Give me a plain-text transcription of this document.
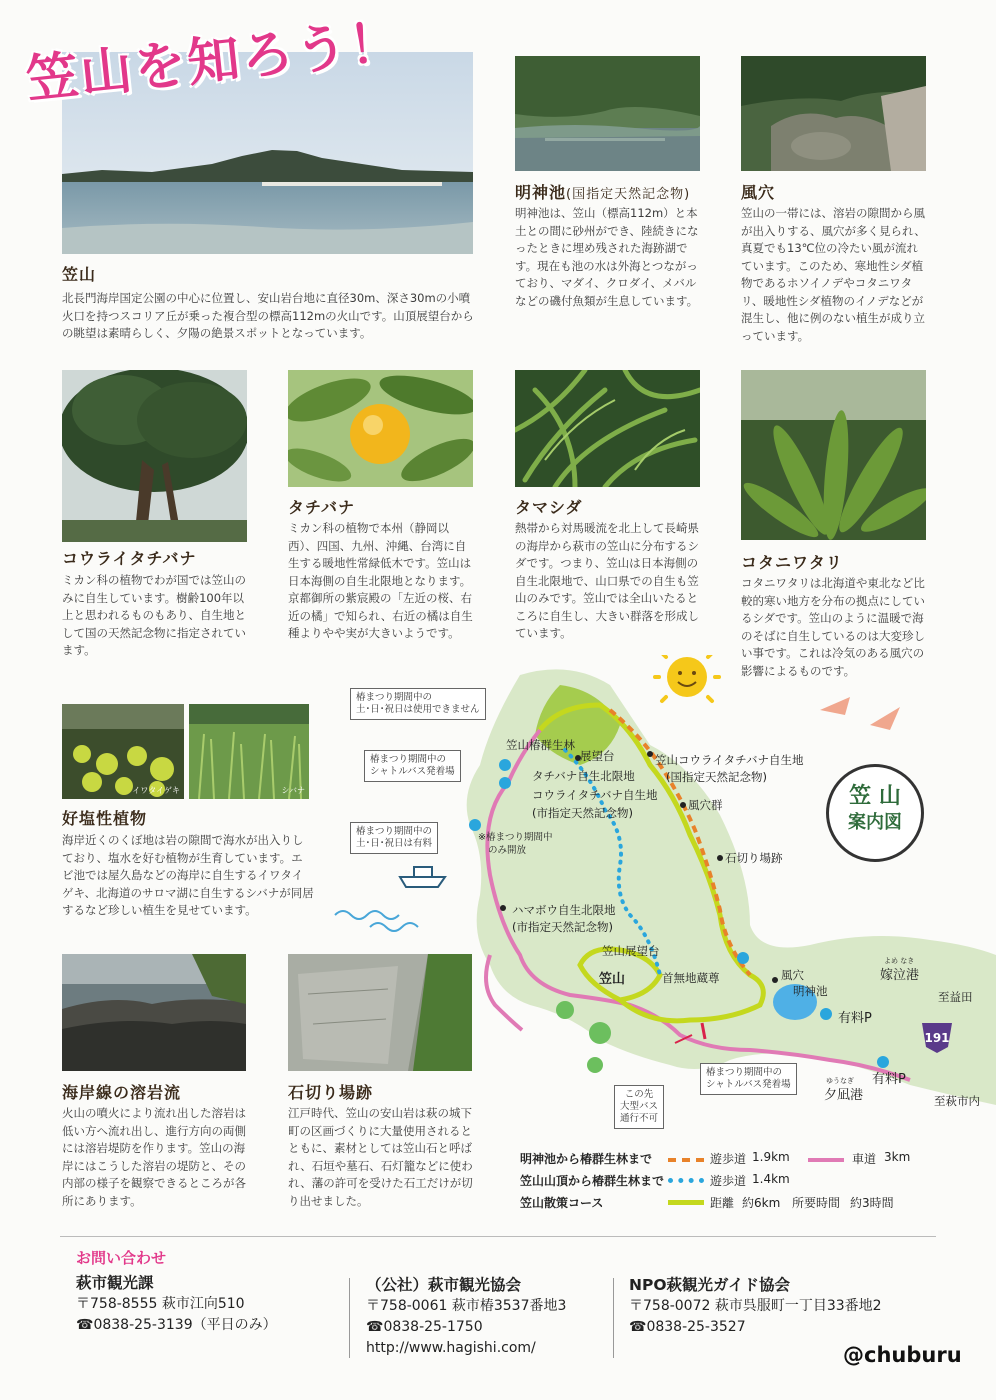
笠山を知ろう！
笠山
北長門海岸国定公園の中心に位置し、安山岩台地に直径30m、深さ30mの小噴火口を持つスコリア丘が乗った複合型の標高112mの火山です。山頂展望台からの眺望は素晴らしく、夕陽の絶景スポットとなっています。
明神池(国指定天然記念物)
明神池は、笠山（標高112m）と本土との間に砂州ができ、陸続きになったときに埋め残された海跡湖です。現在も池の水は外海とつながっており、マダイ、クロダイ、メバルなどの磯付魚類が生息しています。
風穴
笠山の一帯には、溶岩の隙間から風が出入りする、風穴が多く見られ、真夏でも13℃位の冷たい風が流れています。このため、寒地性シダ植物であるホソイノデやコタニワタリ、暖地性シダ植物のイノデなどが混生し、他に例のない植生が成り立っています。
コウライタチバナ
ミカン科の植物でわが国では笠山のみに自生しています。樹齢100年以上と思われるものもあり、自生地として国の天然記念物に指定されています。
タチバナ
ミカン科の植物で本州（静岡以西）、四国、九州、沖縄、台湾に自生する暖地性常緑低木です。笠山は日本海側の自生北限地となります。京都御所の紫宸殿の「左近の桜、右近の橘」で知られ、右近の橘は自生種よりやや実が大きいようです。
タマシダ
熱帯から対馬暖流を北上して長崎県の海岸から萩市の笠山に分布するシダです。つまり、笠山は日本海側の自生北限地で、山口県での自生も笠山のみです。笠山では全山いたるところに自生し、大きい群落を形成しています。
コタニワタリ
コタニワタリは北海道や東北など比較的寒い地方を分布の拠点にしているシダです。笠山のように温暖で海のそばに自生しているのは大変珍しい事です。これは冷気のある風穴の影響によるものです。
イワタイゲキ	シバナ
好塩性植物
海岸近くのくぼ地は岩の隙間で海水が出入りしており、塩水を好む植物が生育しています。エビ池では屋久島などの海岸に自生するイワタイゲキ、北海道のサロマ湖に自生するシバナが同居するなど珍しい植生を見せています。
海岸線の溶岩流
火山の噴火により流れ出した溶岩は低い方へ流れ出し、進行方向の両側には溶岩堤防を作ります。笠山の海岸にはこうした溶岩の堤防と、その内部の様子を観察できるところが各所にあります。
石切り場跡
江戸時代、笠山の安山岩は萩の城下町の区画づくりに大量使用されるとともに、素材としては笠山石と呼ばれ、石垣や墓石、石灯籠などに使われ、藩の許可を受けた石工だけが切り出せました。
191
笠 山
案内図
椿まつり期間中の
土･日･祝日は使用できません
椿まつり期間中の
シャトルバス発着場
椿まつり期間中の
土･日･祝日は有料
椿まつり期間中の
シャトルバス発着場
この先
大型バス
通行不可
笠山椿群生林
展望台	笠山コウライタチバナ自生地
(国指定天然記念物)
タチバナ自生北限地
コウライタチバナ自生地
(市指定天然記念物)
※椿まつり期間中
のみ開放
風穴群
石切り場跡
ハマボウ自生北限地
(市指定天然記念物)
笠山展望台
笠山	首無地蔵尊	風穴
明神池
よめ なき
嫁泣港
至益田
有料P
有料P
ゆうなぎ
夕凪港	至萩市内
明神池から椿群生林まで	遊歩道 1.9km	車道 3km
笠山山頂から椿群生林まで	遊歩道 1.4km
笠山散策コース	距離 約6km 所要時間 約3時間
お問い合わせ
萩市観光課
〒758-8555 萩市江向510
☎0838-25-3139（平日のみ）
（公社）萩市観光協会
〒758-0061 萩市椿3537番地3
☎0838-25-1750
http://www.hagishi.com/
NPO萩観光ガイド協会
〒758-0072 萩市呉服町一丁目33番地2
☎0838-25-3527
@chuburu
